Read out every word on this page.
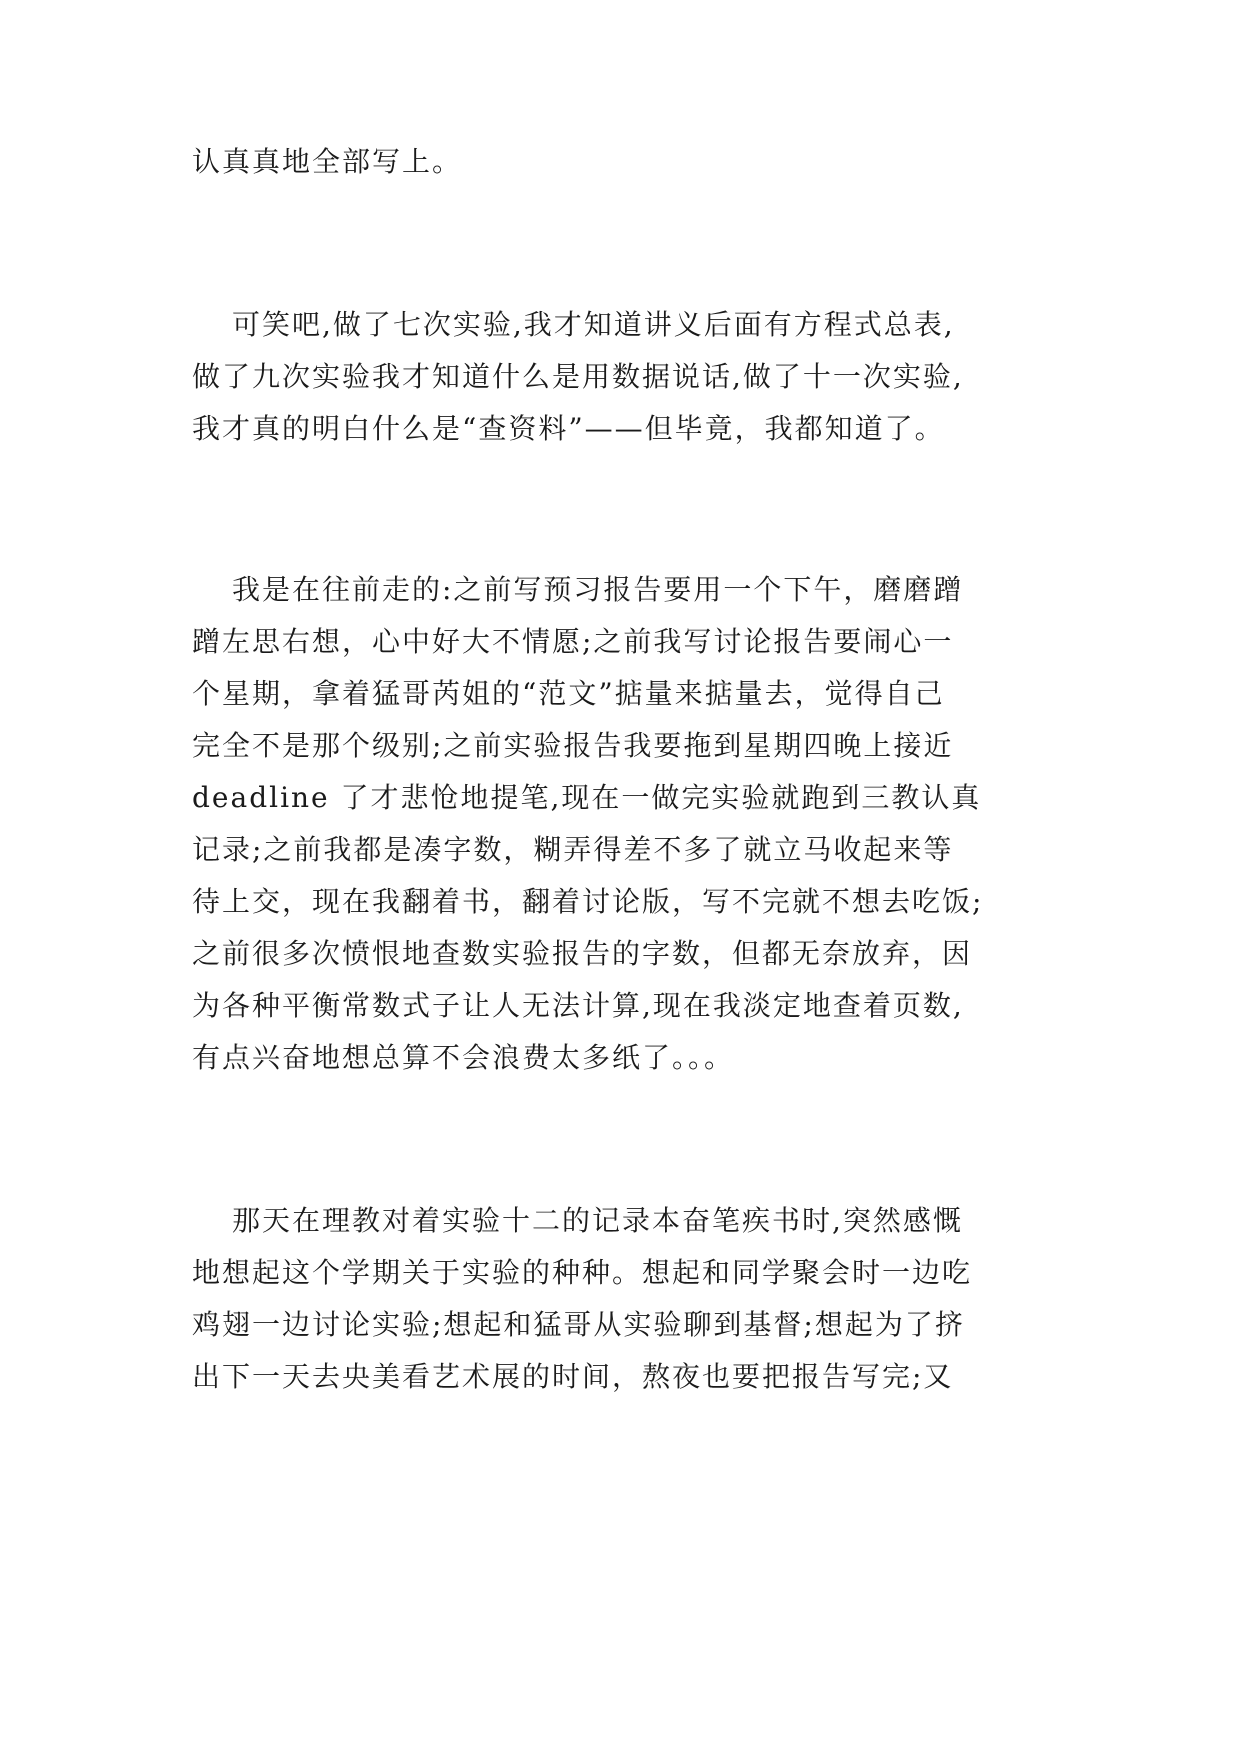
认真真地全部写上。
可笑吧,做了七次实验,我才知道讲义后面有方程式总表,
做了九次实验我才知道什么是用数据说话,做了十一次实验,
我才真的明白什么是“查资料”——但毕竟，我都知道了。
我是在往前走的:之前写预习报告要用一个下午，磨磨蹭
蹭左思右想，心中好大不情愿;之前我写讨论报告要闹心一
个星期，拿着猛哥芮姐的“范文”掂量来掂量去，觉得自己
完全不是那个级别;之前实验报告我要拖到星期四晚上接近
deadline 了才悲怆地提笔,现在一做完实验就跑到三教认真
记录;之前我都是凑字数，糊弄得差不多了就立马收起来等
待上交，现在我翻着书，翻着讨论版，写不完就不想去吃饭;
之前很多次愤恨地查数实验报告的字数，但都无奈放弃，因
为各种平衡常数式子让人无法计算,现在我淡定地查着页数,
有点兴奋地想总算不会浪费太多纸了。。。
那天在理教对着实验十二的记录本奋笔疾书时,突然感慨
地想起这个学期关于实验的种种。想起和同学聚会时一边吃
鸡翅一边讨论实验;想起和猛哥从实验聊到基督;想起为了挤
出下一天去央美看艺术展的时间，熬夜也要把报告写完;又
